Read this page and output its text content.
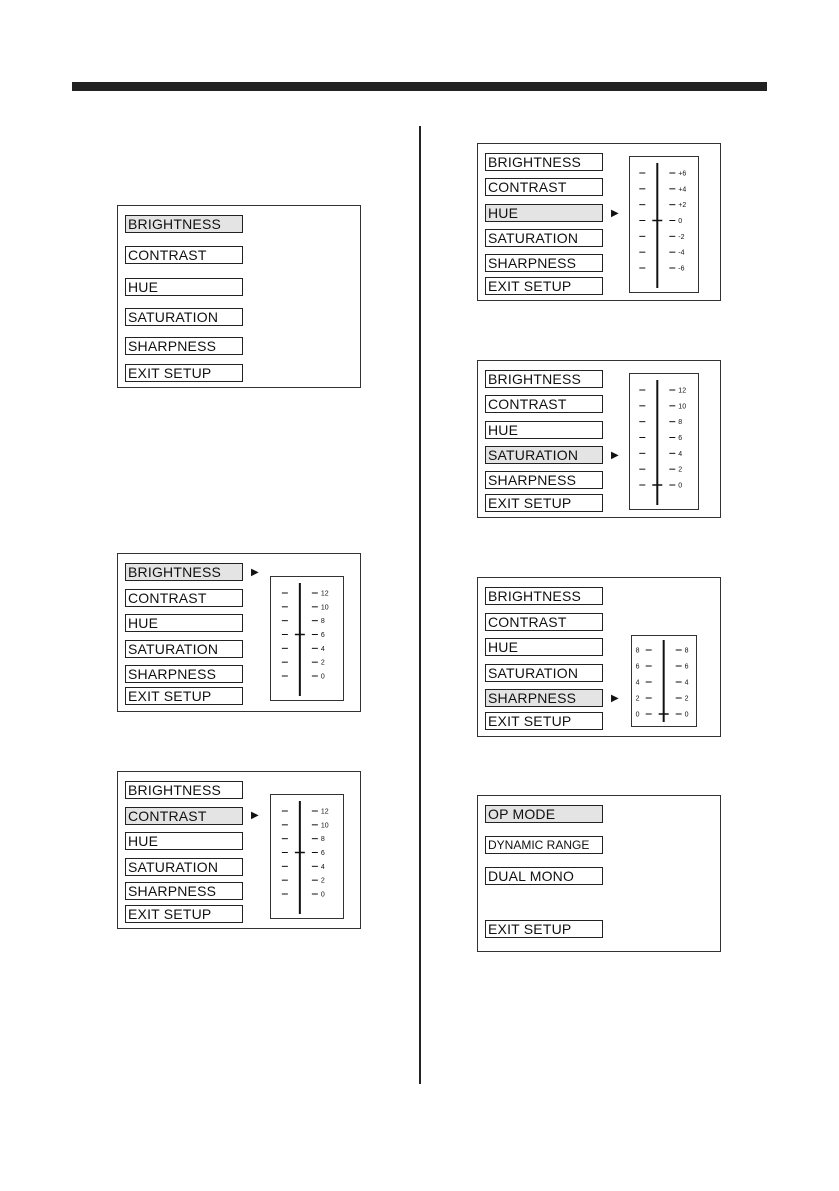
BRIGHTNESS
CONTRAST
HUE
SATURATION
SHARPNESS
EXIT SETUP
BRIGHTNESS
CONTRAST
HUE
SATURATION
SHARPNESS
EXIT SETUP
▶
12
10
8
6
4
2
0
BRIGHTNESS
CONTRAST
HUE
SATURATION
SHARPNESS
EXIT SETUP
▶	12
10
8
6
4
2
0
BRIGHTNESS
CONTRAST
HUE
SATURATION
SHARPNESS
EXIT SETUP
▶
+6
+4
+2
0
-2
-4
-6
BRIGHTNESS
CONTRAST
HUE
SATURATION
SHARPNESS
EXIT SETUP
▶
12
10
8
6
4
2
0
BRIGHTNESS
CONTRAST
HUE
SATURATION
SHARPNESS
EXIT SETUP
▶
8
8
6
6
4
4
2
2
0
0
OP MODE
DYNAMIC RANGE
DUAL MONO
EXIT SETUP
